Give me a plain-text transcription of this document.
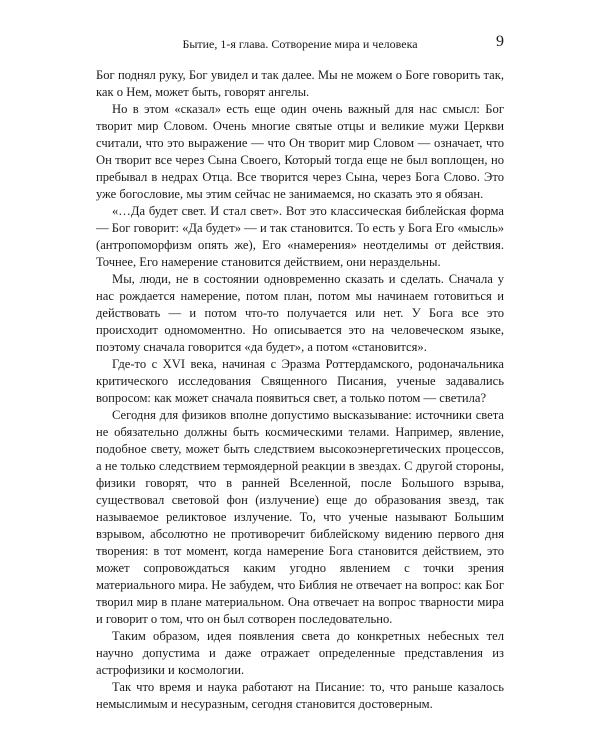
Бытие, 1-я глава. Сотворение мира и человека	9

Бог поднял руку, Бог увидел и так далее. Мы не можем о Боге говорить так, как о Нем, может быть, говорят ангелы.

Но в этом «сказал» есть еще один очень важный для нас смысл: Бог творит мир Словом. Очень многие святые отцы и великие мужи Церкви считали, что это выражение — что Он творит мир Словом — означает, что Он творит все через Сына Своего, Который тогда еще не был воплощен, но пребывал в недрах Отца. Все творится через Сына, через Бога Слово. Это уже богословие, мы этим сейчас не занимаемся, но сказать это я обязан.

«…Да будет свет. И стал свет». Вот это классическая библейская форма — Бог говорит: «Да будет» — и так становится. То есть у Бога Его «мысль» (антропоморфизм опять же), Его «намерения» неотделимы от действия. Точнее, Его намерение становится действием, они нераздельны.

Мы, люди, не в состоянии одновременно сказать и сделать. Сначала у нас рождается намерение, потом план, потом мы начинаем готовиться и действовать — и потом что-то получается или нет. У Бога все это происходит одномоментно. Но описывается это на человеческом языке, поэтому сначала говорится «да будет», а потом «становится».

Где-то с XVI века, начиная с Эразма Роттердамского, родоначальника критического исследования Священного Писания, ученые задавались вопросом: как может сначала появиться свет, а только потом — светила?

Сегодня для физиков вполне допустимо высказывание: источники света не обязательно должны быть космическими телами. Например, явление, подобное свету, может быть следствием высокоэнергетических процессов, а не только следствием термоядерной реакции в звездах. С другой стороны, физики говорят, что в ранней Вселенной, после Большого взрыва, существовал световой фон (излучение) еще до образования звезд, так называемое реликтовое излучение. То, что ученые называют Большим взрывом, абсолютно не противоречит библейскому видению первого дня творения: в тот момент, когда намерение Бога становится действием, это может сопровождаться каким угодно явлением с точки зрения материального мира. Не забудем, что Библия не отвечает на вопрос: как Бог творил мир в плане материальном. Она отвечает на вопрос тварности мира и говорит о том, что он был сотворен последовательно.

Таким образом, идея появления света до конкретных небесных тел научно допустима и даже отражает определенные представления из астрофизики и космологии.

Так что время и наука работают на Писание: то, что раньше казалось немыслимым и несуразным, сегодня становится достоверным.
